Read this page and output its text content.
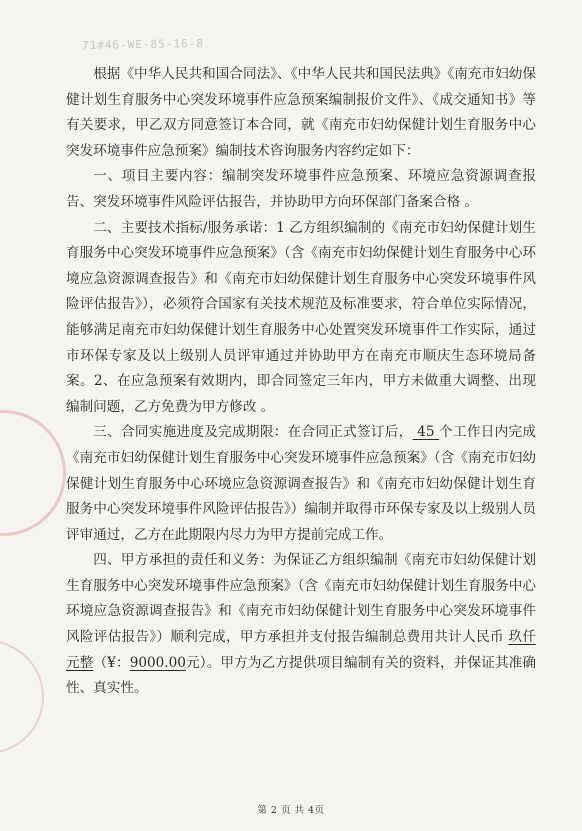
71#46-WE-85-16-8

根据《中华人民共和国合同法》、《中华人民共和国民法典》《南充市妇幼保健计划生育服务中心突发环境事件应急预案编制报价文件》、《成交通知书》等有关要求，甲乙双方同意签订本合同，就《南充市妇幼保健计划生育服务中心突发环境事件应急预案》编制技术咨询服务内容约定如下：

一、项目主要内容：编制突发环境事件应急预案、环境应急资源调查报告、突发环境事件风险评估报告，并协助甲方向环保部门备案合格 。

二、主要技术指标/服务承诺：1 乙方组织编制的《南充市妇幼保健计划生育服务中心突发环境事件应急预案》（含《南充市妇幼保健计划生育服务中心环境应急资源调查报告》和《南充市妇幼保健计划生育服务中心突发环境事件风险评估报告》），必须符合国家有关技术规范及标准要求，符合单位实际情况，能够满足南充市妇幼保健计划生育服务中心处置突发环境事件工作实际，通过市环保专家及以上级别人员评审通过并协助甲方在南充市顺庆生态环境局备案。2、在应急预案有效期内，即合同签定三年内，甲方未做重大调整、出现编制问题，乙方免费为甲方修改 。

三、合同实施进度及完成期限：在合同正式签订后， 45 个工作日内完成《南充市妇幼保健计划生育服务中心突发环境事件应急预案》（含《南充市妇幼保健计划生育服务中心环境应急资源调查报告》和《南充市妇幼保健计划生育服务中心突发环境事件风险评估报告》）编制并取得市环保专家及以上级别人员评审通过，乙方在此期限内尽力为甲方提前完成工作。

四、甲方承担的责任和义务：为保证乙方组织编制《南充市妇幼保健计划生育服务中心突发环境事件应急预案》（含《南充市妇幼保健计划生育服务中心环境应急资源调查报告》和《南充市妇幼保健计划生育服务中心突发环境事件风险评估报告》）顺利完成，甲方承担并支付报告编制总费用共计人民币 玖仟元整（¥：9000.00元）。甲方为乙方提供项目编制有关的资料，并保证其准确性、真实性。

第 2 页 共 4页
